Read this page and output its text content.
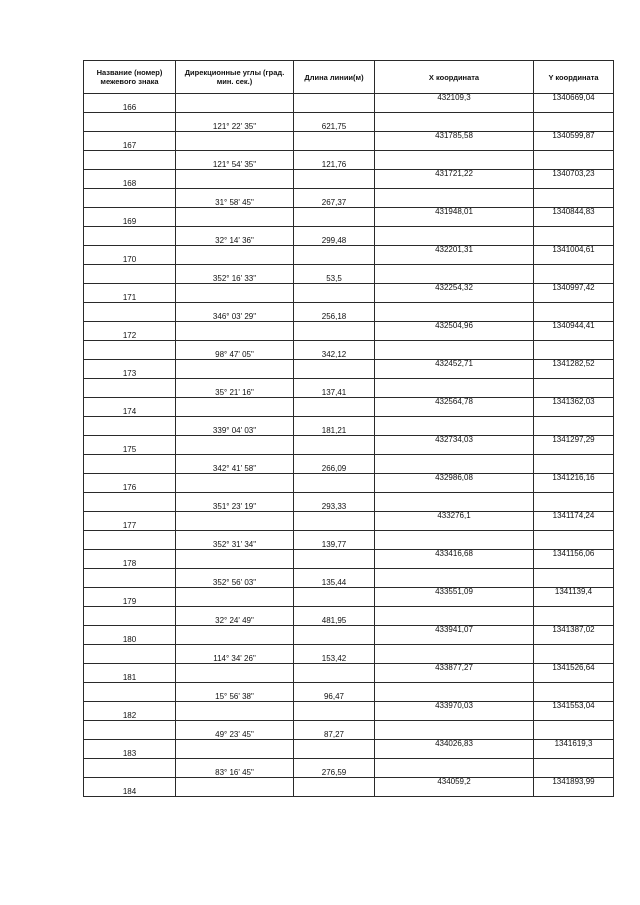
Название (номер) межевого знака	Дирекционные углы (град. мин. сек.)	Длина линии(м)	X координата	Y координата
166			432109,3	1340669,04
	121° 22' 35"	621,75		
167			431785,58	1340599,87
	121° 54' 35"	121,76		
168			431721,22	1340703,23
	31° 58' 45"	267,37		
169			431948,01	1340844,83
	32° 14' 36"	299,48		
170			432201,31	1341004,61
	352° 16' 33"	53,5		
171			432254,32	1340997,42
	346° 03' 29"	256,18		
172			432504,96	1340944,41
	98° 47' 05"	342,12		
173			432452,71	1341282,52
	35° 21' 16"	137,41		
174			432564,78	1341362,03
	339° 04' 03"	181,21		
175			432734,03	1341297,29
	342° 41' 58"	266,09		
176			432986,08	1341216,16
	351° 23' 19"	293,33		
177			433276,1	1341174,24
	352° 31' 34"	139,77		
178			433416,68	1341156,06
	352° 56' 03"	135,44		
179			433551,09	1341139,4
	32° 24' 49"	481,95		
180			433941,07	1341387,02
	114° 34' 26"	153,42		
181			433877,27	1341526,64
	15° 56' 38"	96,47		
182			433970,03	1341553,04
	49° 23' 45"	87,27		
183			434026,83	1341619,3
	83° 16' 45"	276,59		
184			434059,2	1341893,99
